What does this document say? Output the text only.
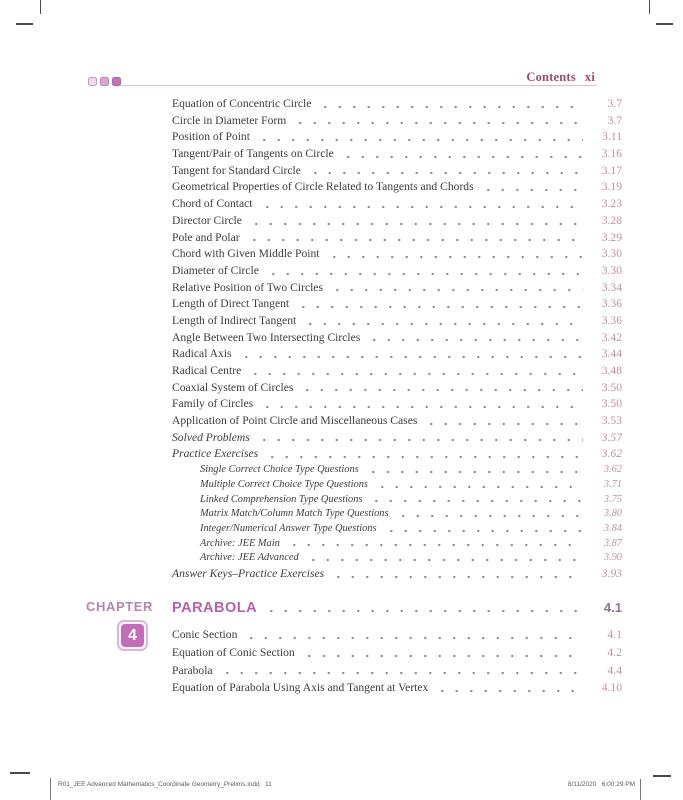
Contents xi
Equation of Concentric Circle	3.7
Circle in Diameter Form	3.7
Position of Point	3.11
Tangent/Pair of Tangents on Circle	3.16
Tangent for Standard Circle	3.17
Geometrical Properties of Circle Related to Tangents and Chords	3.19
Chord of Contact	3.23
Director Circle	3.28
Pole and Polar	3.29
Chord with Given Middle Point	3.30
Diameter of Circle	3.30
Relative Position of Two Circles	3.34
Length of Direct Tangent	3.36
Length of Indirect Tangent	3.36
Angle Between Two Intersecting Circles	3.42
Radical Axis	3.44
Radical Centre	3.48
Coaxial System of Circles	3.50
Family of Circles	3.50
Application of Point Circle and Miscellaneous Cases	3.53
Solved Problems	3.57
Practice Exercises	3.62
Single Correct Choice Type Questions	3.62
Multiple Correct Choice Type Questions	3.71
Linked Comprehension Type Questions	3.75
Matrix Match/Column Match Type Questions	3.80
Integer/Numerical Answer Type Questions	3.84
Archive: JEE Main	3.87
Archive: JEE Advanced	3.90
Answer Keys–Practice Exercises	3.93
CHAPTER
4
PARABOLA	4.1
Conic Section	4.1
Equation of Conic Section	4.2
Parabola	4.4
Equation of Parabola Using Axis and Tangent at Vertex	4.10
R01_JEE Advanced Mathematics_Coordinate Geometry_Prelims.indd   11	8/11/2020   6:00:29 PM
